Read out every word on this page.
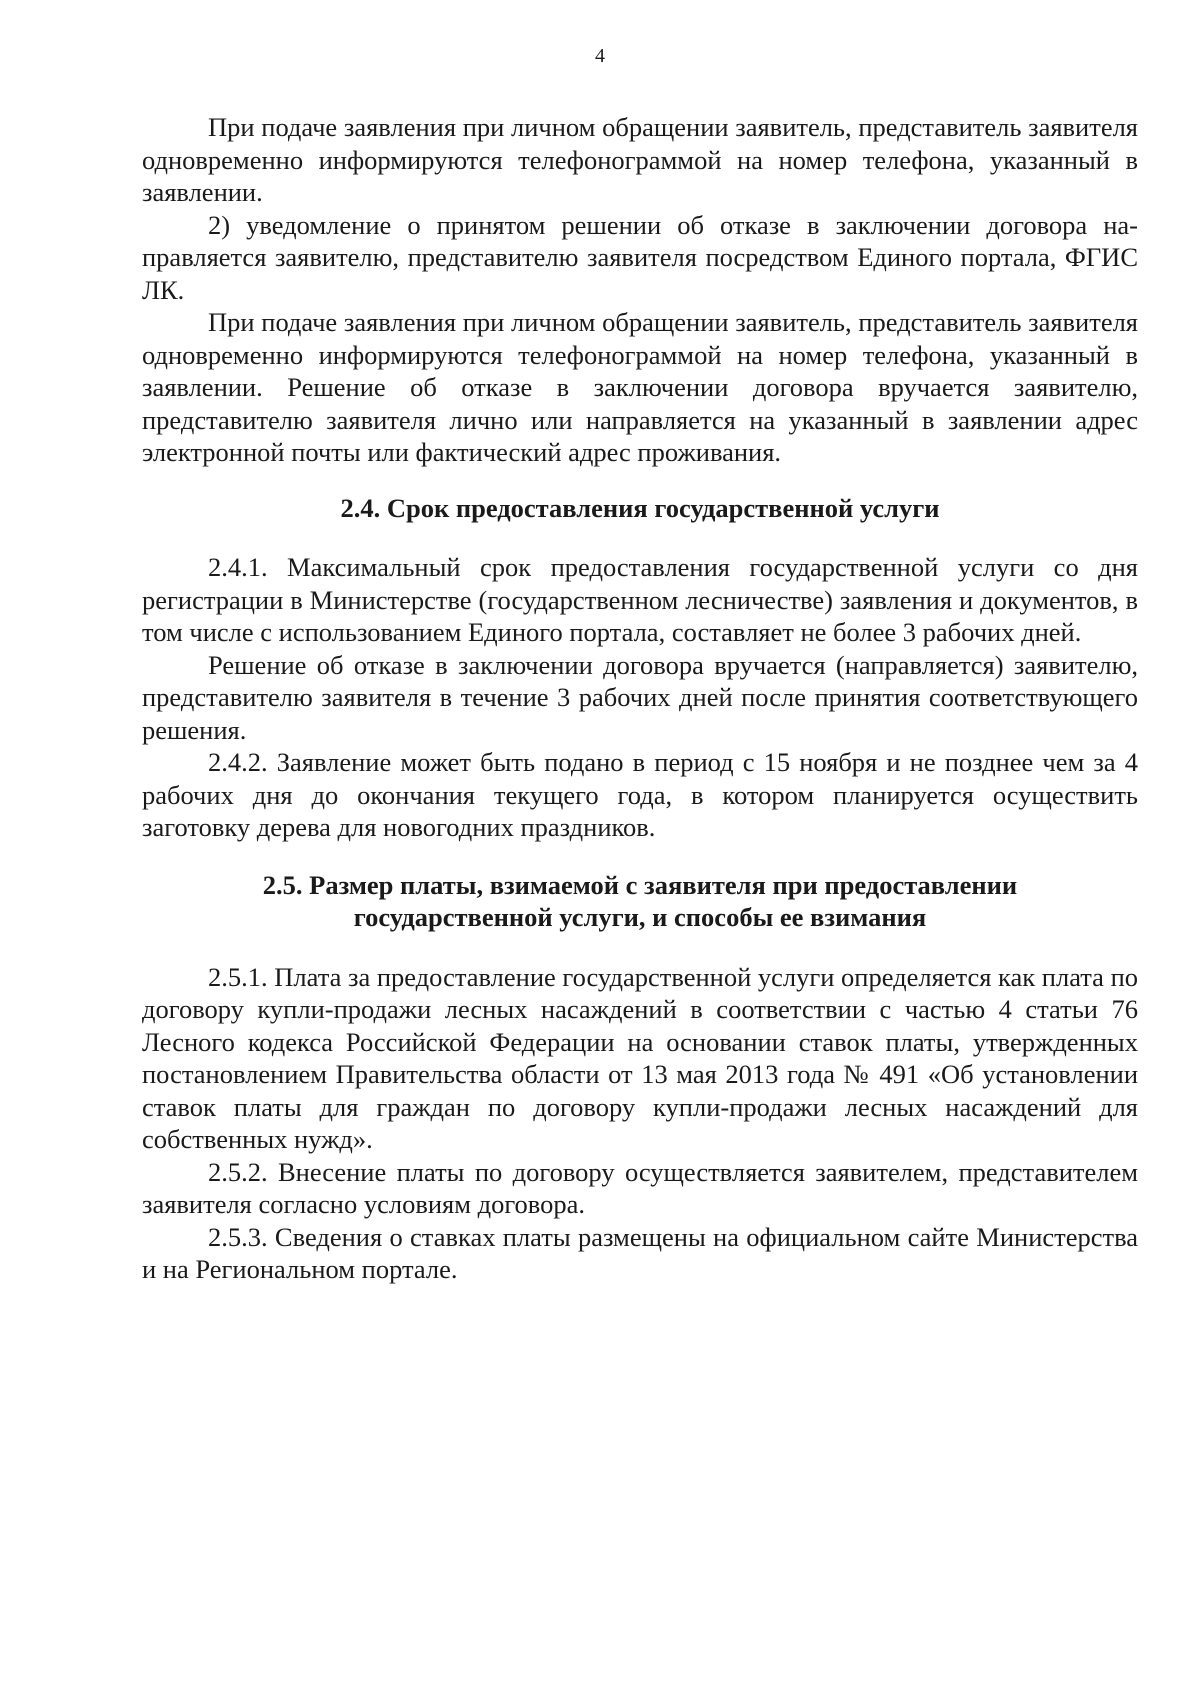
4

При подаче заявления при личном обращении заявитель, представитель заявителя одновременно информируются телефонограммой на номер телефона, указанный в заявлении.

2) уведомление о принятом решении об отказе в заключении договора направляется заявителю, представителю заявителя посредством Единого портала, ФГИС ЛК.

При подаче заявления при личном обращении заявитель, представитель заявителя одновременно информируются телефонограммой на номер телефона, указанный в заявлении. Решение об отказе в заключении договора вручается заявителю, представителю заявителя лично или направляется на указанный в заявлении адрес электронной почты или фактический адрес проживания.

2.4. Срок предоставления государственной услуги

2.4.1. Максимальный срок предоставления государственной услуги со дня регистрации в Министерстве (государственном лесничестве) заявления и документов, в том числе с использованием Единого портала, составляет не более 3 рабочих дней.

Решение об отказе в заключении договора вручается (направляется) заявителю, представителю заявителя в течение 3 рабочих дней после принятия соответствующего решения.

2.4.2. Заявление может быть подано в период с 15 ноября и не позднее чем за 4 рабочих дня до окончания текущего года, в котором планируется осуществить заготовку дерева для новогодних праздников.

2.5. Размер платы, взимаемой с заявителя при предоставлении
государственной услуги, и способы ее взимания

2.5.1. Плата за предоставление государственной услуги определяется как плата по договору купли-продажи лесных насаждений в соответствии с частью 4 статьи 76 Лесного кодекса Российской Федерации на основании ставок платы, утвержденных постановлением Правительства области от 13 мая 2013 года № 491 «Об установлении ставок платы для граждан по договору купли-продажи лесных насаждений для собственных нужд».

2.5.2. Внесение платы по договору осуществляется заявителем, представителем заявителя согласно условиям договора.

2.5.3. Сведения о ставках платы размещены на официальном сайте Министерства и на Региональном портале.
